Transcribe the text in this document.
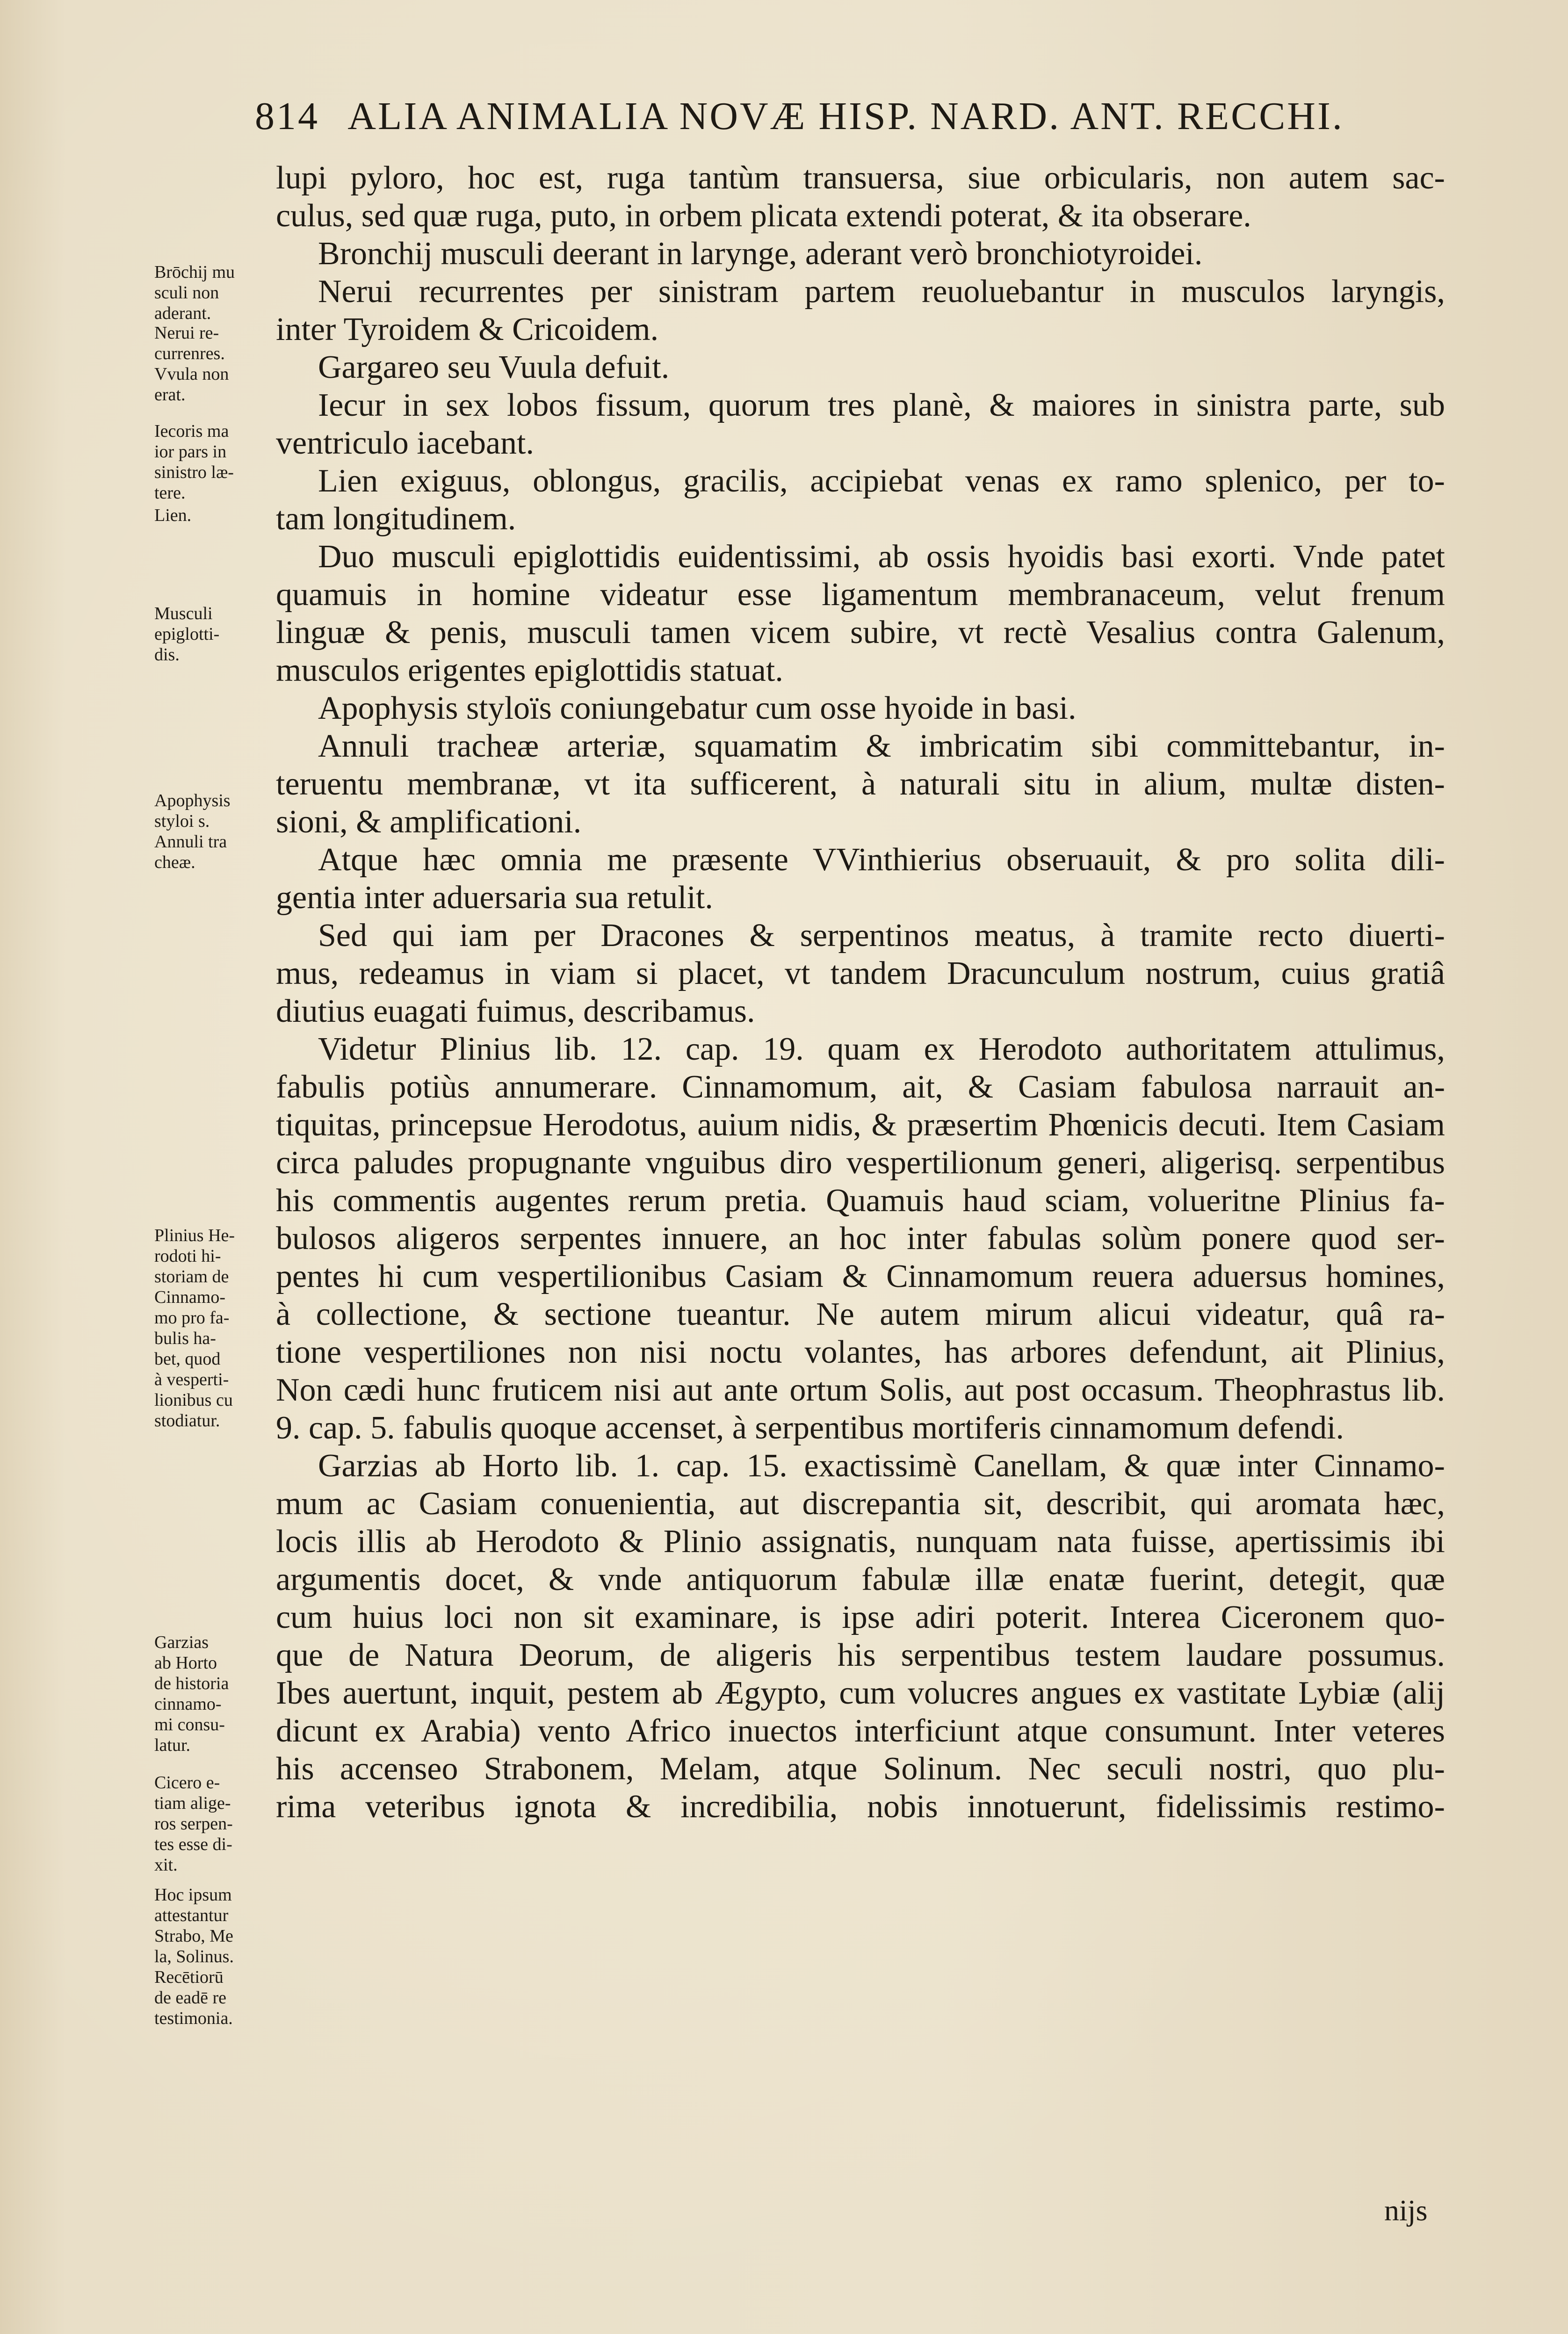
814 ALIA ANIMALIA NOVÆ HISP. NARD. ANT. RECCHI.
Brōchij mu
sculi non
aderant.
Nerui re-
currenres.
Vvula non
erat.
Iecoris ma
ior pars in
sinistro læ-
tere.
Lien.
Musculi
epiglotti-
dis.
Apophysis
styloi s.
Annuli tra
cheæ.
Plinius He-
rodoti hi-
storiam de
Cinnamo-
mo pro fa-
bulis ha-
bet, quod
à vesperti-
lionibus cu
stodiatur.
Garzias
ab Horto
de historia
cinnamo-
mi consu-
latur.
Cicero e-
tiam alige-
ros serpen-
tes esse di-
xit.
Hoc ipsum
attestantur
Strabo, Me
la, Solinus.
Recētiorū
de eadē re
testimonia.
lupi pyloro, hoc est, ruga tantùm transuersa, siue orbicularis, non autem sac-
culus, sed quæ ruga, puto, in orbem plicata extendi poterat, & ita obserare.
Bronchij musculi deerant in larynge, aderant verò bronchiotyroidei.
Nerui recurrentes per sinistram partem reuoluebantur in musculos laryngis,
inter Tyroidem & Cricoidem.
Gargareo seu Vuula defuit.
Iecur in sex lobos fissum, quorum tres planè, & maiores in sinistra parte, sub
ventriculo iacebant.
Lien exiguus, oblongus, gracilis, accipiebat venas ex ramo splenico, per to-
tam longitudinem.
Duo musculi epiglottidis euidentissimi, ab ossis hyoidis basi exorti. Vnde patet
quamuis in homine videatur esse ligamentum membranaceum, velut frenum
linguæ & penis, musculi tamen vicem subire, vt rectè Vesalius contra Galenum,
musculos erigentes epiglottidis statuat.
Apophysis styloïs coniungebatur cum osse hyoide in basi.
Annuli tracheæ arteriæ, squamatim & imbricatim sibi committebantur, in-
teruentu membranæ, vt ita sufficerent, à naturali situ in alium, multæ disten-
sioni, & amplificationi.
Atque hæc omnia me præsente VVinthierius obseruauit, & pro solita dili-
gentia inter aduersaria sua retulit.
Sed qui iam per Dracones & serpentinos meatus, à tramite recto diuerti-
mus, redeamus in viam si placet, vt tandem Dracunculum nostrum, cuius gratiâ
diutius euagati fuimus, describamus.
Videtur Plinius lib. 12. cap. 19. quam ex Herodoto authoritatem attulimus,
fabulis potiùs annumerare. Cinnamomum, ait, & Casiam fabulosa narrauit an-
tiquitas, princepsue Herodotus, auium nidis, & præsertim Phœnicis decuti. Item Casiam
circa paludes propugnante vnguibus diro vespertilionum generi, aligerisq. serpentibus
his commentis augentes rerum pretia. Quamuis haud sciam, volueritne Plinius fa-
bulosos aligeros serpentes innuere, an hoc inter fabulas solùm ponere quod ser-
pentes hi cum vespertilionibus Casiam & Cinnamomum reuera aduersus homines,
à collectione, & sectione tueantur. Ne autem mirum alicui videatur, quâ ra-
tione vespertiliones non nisi noctu volantes, has arbores defendunt, ait Plinius,
Non cædi hunc fruticem nisi aut ante ortum Solis, aut post occasum. Theophrastus lib.
9. cap. 5. fabulis quoque accenset, à serpentibus mortiferis cinnamomum defendi.
Garzias ab Horto lib. 1. cap. 15. exactissimè Canellam, & quæ inter Cinnamo-
mum ac Casiam conuenientia, aut discrepantia sit, describit, qui aromata hæc,
locis illis ab Herodoto & Plinio assignatis, nunquam nata fuisse, apertissimis ibi
argumentis docet, & vnde antiquorum fabulæ illæ enatæ fuerint, detegit, quæ
cum huius loci non sit examinare, is ipse adiri poterit. Interea Ciceronem quo-
que de Natura Deorum, de aligeris his serpentibus testem laudare possumus.
Ibes auertunt, inquit, pestem ab Ægypto, cum volucres angues ex vastitate Lybiæ (alij
dicunt ex Arabia) vento Africo inuectos interficiunt atque consumunt. Inter veteres
his accenseo Strabonem, Melam, atque Solinum. Nec seculi nostri, quo plu-
rima veteribus ignota & incredibilia, nobis innotuerunt, fidelissimis restimo-
nijs
